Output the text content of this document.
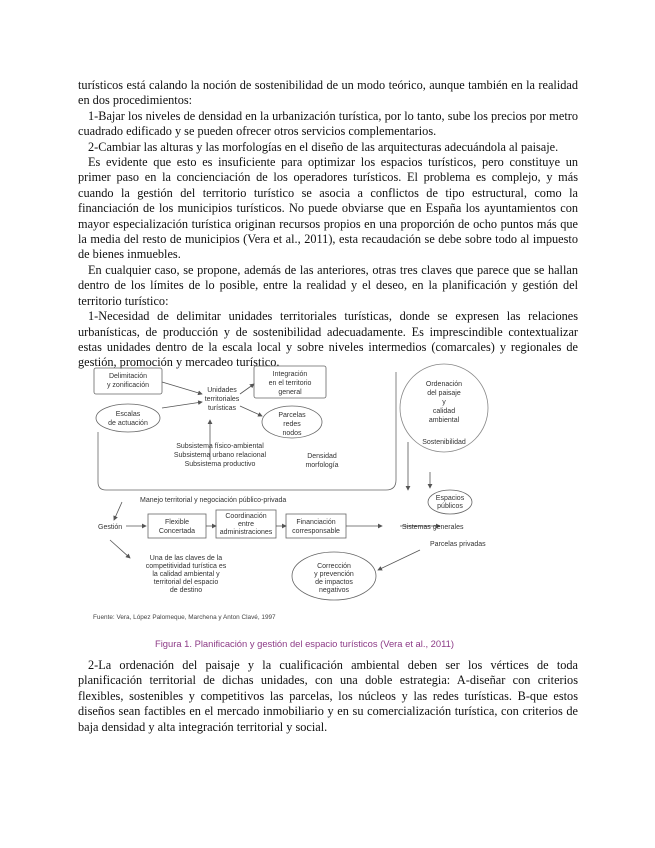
turísticos está calando la noción de sostenibilidad de un modo teórico, aunque también en la realidad en dos procedimientos:

1-Bajar los niveles de densidad en la urbanización turística, por lo tanto, sube los precios por metro cuadrado edificado y se pueden ofrecer otros servicios complementarios.

2-Cambiar las alturas y las morfologías en el diseño de las arquitecturas adecuándola al paisaje.

Es evidente que esto es insuficiente para optimizar los espacios turísticos, pero constituye un primer paso en la concienciación de los operadores turísticos. El problema es complejo, y más cuando la gestión del territorio turístico se asocia a conflictos de tipo estructural, como la financiación de los municipios turísticos. No puede obviarse que en España los ayuntamientos con mayor especialización turística originan recursos propios en una proporción de ocho puntos más que la media del resto de municipios (Vera et al., 2011), esta recaudación se debe sobre todo al impuesto de bienes inmuebles.

En cualquier caso, se propone, además de las anteriores, otras tres claves que parece que se hallan dentro de los límites de lo posible, entre la realidad y el deseo, en la planificación y gestión del territorio turístico:

1-Necesidad de delimitar unidades territoriales turísticas, donde se expresen las relaciones urbanísticas, de producción y de sostenibilidad adecuadamente. Es imprescindible contextualizar estas unidades dentro de la escala local y sobre niveles intermedios (comarcales) y regionales de gestión, promoción y mercadeo turístico.

Delimitación
y zonificación
Escalas
de actuación
Unidades
territoriales
turísticas
Integración
en el territorio
general
Parcelas
redes
nodos
Ordenación
del paisaje
y
calidad
ambiental
Sostenibilidad
Subsistema físico-ambiental
Subsistema urbano relacional
Subsistema productivo
Densidad
morfología
Manejo territorial y negociación público-privada
Gestión
Flexible
Concertada
Coordinación
entre
administraciones
Financiación
corresponsable
Espacios
públicos
Sistemas generales
Parcelas privadas
Una de las claves de la
competitividad turística es
la calidad ambiental y
territorial del espacio
de destino
Corrección
y prevención
de impactos
negativos
Fuente: Vera, López Palomeque, Marchena y Anton Clavé, 1997
Figura 1. Planificación y gestión del espacio turísticos (Vera et al., 2011)

2-La ordenación del paisaje y la cualificación ambiental deben ser los vértices de toda planificación territorial de dichas unidades, con una doble estrategia: A-diseñar con criterios flexibles, sostenibles y competitivos las parcelas, los núcleos y las redes turísticas. B-que estos diseños sean factibles en el mercado inmobiliario y en su comercialización turística, con criterios de baja densidad y alta integración territorial y social.
